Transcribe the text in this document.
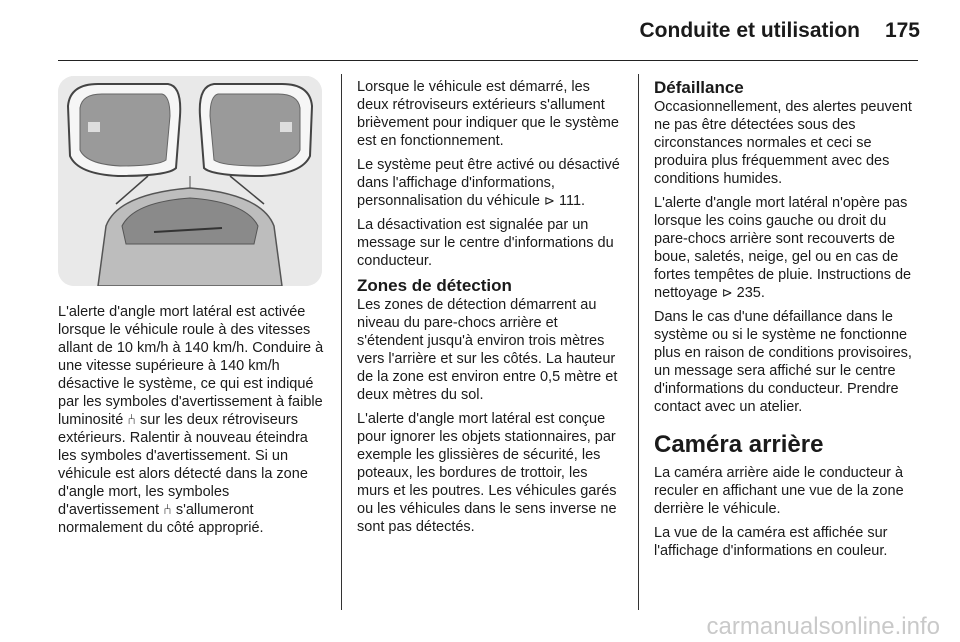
Conduite et utilisation 175

L'alerte d'angle mort latéral est activée lorsque le véhicule roule à des vitesses allant de 10 km/h à 140 km/h. Conduire à une vitesse supérieure à 140 km/h désactive le système, ce qui est indiqué par les symboles d'avertissement à faible luminosité ⑃ sur les deux rétroviseurs extérieurs. Ralentir à nouveau éteindra les symboles d'avertissement. Si un véhicule est alors détecté dans la zone d'angle mort, les symboles d'avertissement ⑃ s'allumeront normalement du côté approprié.

Lorsque le véhicule est démarré, les deux rétroviseurs extérieurs s'allument brièvement pour indiquer que le système est en fonctionnement.

Le système peut être activé ou désactivé dans l'affichage d'informations, personnalisation du véhicule ⊳ 111.

La désactivation est signalée par un message sur le centre d'informations du conducteur.

Zones de détection

Les zones de détection démarrent au niveau du pare-chocs arrière et s'étendent jusqu'à environ trois mètres vers l'arrière et sur les côtés. La hauteur de la zone est environ entre 0,5 mètre et deux mètres du sol.

L'alerte d'angle mort latéral est conçue pour ignorer les objets stationnaires, par exemple les glissières de sécurité, les poteaux, les bordures de trottoir, les murs et les poutres. Les véhicules garés ou les véhicules dans le sens inverse ne sont pas détectés.

Défaillance

Occasionnellement, des alertes peuvent ne pas être détectées sous des circonstances normales et ceci se produira plus fréquemment avec des conditions humides.

L'alerte d'angle mort latéral n'opère pas lorsque les coins gauche ou droit du pare-chocs arrière sont recouverts de boue, saletés, neige, gel ou en cas de fortes tempêtes de pluie. Instructions de nettoyage ⊳ 235.

Dans le cas d'une défaillance dans le système ou si le système ne fonctionne plus en raison de conditions provisoires, un message sera affiché sur le centre d'informations du conducteur. Prendre contact avec un atelier.

Caméra arrière

La caméra arrière aide le conducteur à reculer en affichant une vue de la zone derrière le véhicule.

La vue de la caméra est affichée sur l'affichage d'informations en couleur.

carmanualsonline.info
